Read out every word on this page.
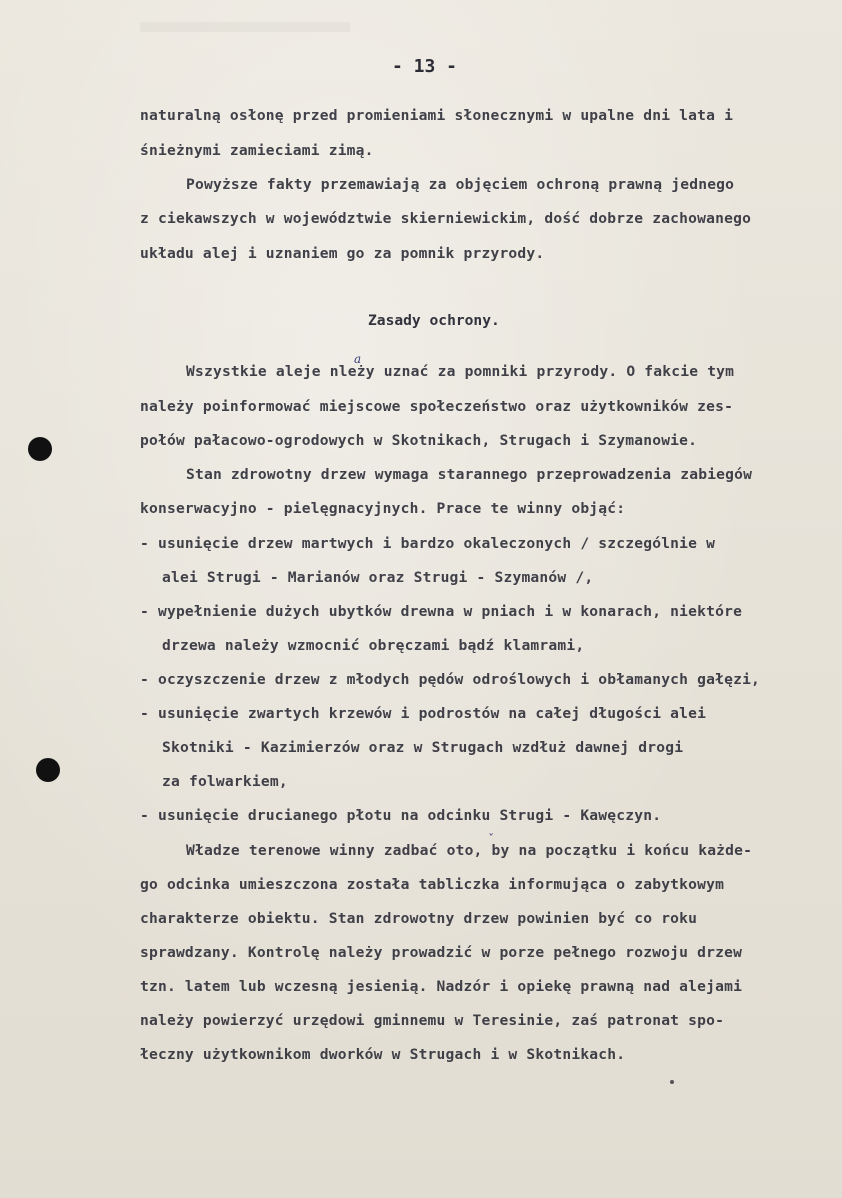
- 13 -
naturalną osłonę przed promieniami słonecznymi w upalne dni lata i
śnieżnymi zamieciami zimą.
Powyższe fakty przemawiają za objęciem ochroną prawną jednego
z ciekawszych w województwie skierniewickim, dość dobrze zachowanego
układu alej i uznaniem go za pomnik przyrody.
Zasady ochrony.
a
Wszystkie aleje nleży uznać za pomniki przyrody. O fakcie tym
należy poinformować miejscowe społeczeństwo oraz użytkowników zes-
połów pałacowo-ogrodowych w Skotnikach, Strugach i Szymanowie.
Stan zdrowotny drzew wymaga starannego przeprowadzenia zabiegów
konserwacyjno - pielęgnacyjnych. Prace te winny objąć:
- usunięcie drzew martwych i bardzo okaleczonych / szczególnie w
alei Strugi - Marianów oraz Strugi - Szymanów /,
- wypełnienie dużych ubytków drewna w pniach i w konarach, niektóre
drzewa należy wzmocnić obręczami bądź klamrami,
- oczyszczenie drzew z młodych pędów odroślowych i obłamanych gałęzi,
- usunięcie zwartych krzewów i podrostów na całej długości alei
Skotniki - Kazimierzów oraz w Strugach wzdłuż dawnej drogi
za folwarkiem,
- usunięcie drucianego płotu na odcinku Strugi - Kawęczyn.
ˇ
Władze terenowe winny zadbać oto, by na początku i końcu każde-
go odcinka umieszczona została tabliczka informująca o zabytkowym
charakterze obiektu. Stan zdrowotny drzew powinien być co roku
sprawdzany. Kontrolę należy prowadzić w porze pełnego rozwoju drzew
tzn. latem lub wczesną jesienią. Nadzór i opiekę prawną nad alejami
należy powierzyć urzędowi gminnemu w Teresinie, zaś patronat spo-
łeczny użytkownikom dworków w Strugach i w Skotnikach.
